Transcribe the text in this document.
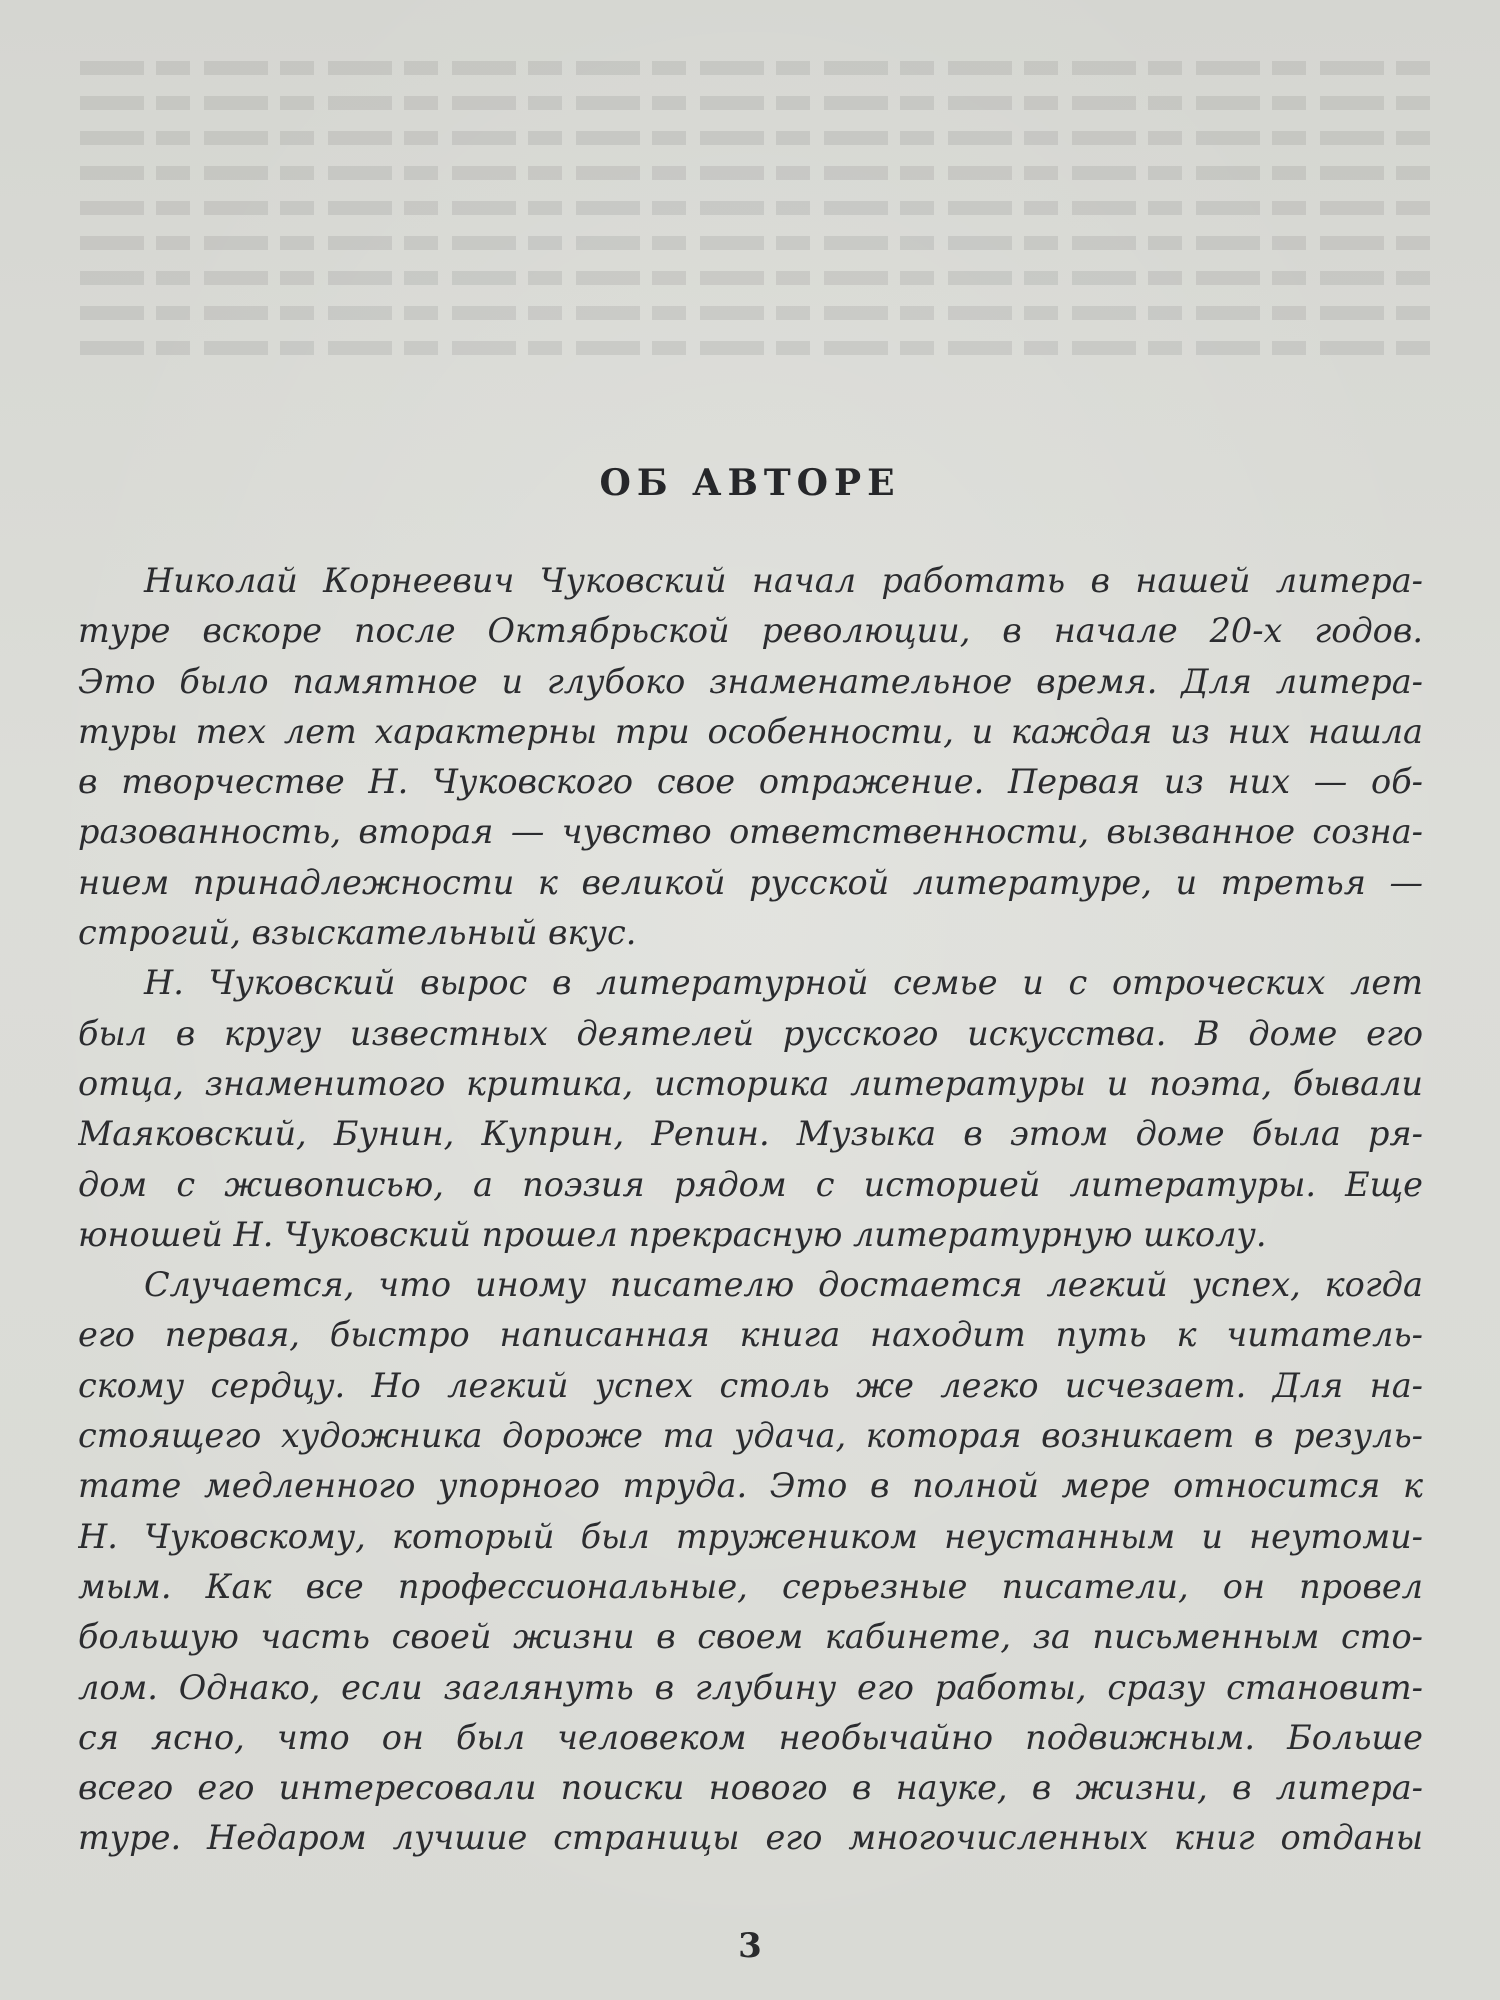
ОБ АВТОРЕ
Николай Корнеевич Чуковский начал работать в нашей литера-
туре вскоре после Октябрьской революции, в начале 20-х годов.
Это было памятное и глубоко знаменательное время. Для литера-
туры тех лет характерны три особенности, и каждая из них нашла
в творчестве Н. Чуковского свое отражение. Первая из них — об-
разованность, вторая — чувство ответственности, вызванное созна-
нием принадлежности к великой русской литературе, и третья —
строгий, взыскательный вкус.
Н. Чуковский вырос в литературной семье и с отроческих лет
был в кругу известных деятелей русского искусства. В доме его
отца, знаменитого критика, историка литературы и поэта, бывали
Маяковский, Бунин, Куприн, Репин. Музыка в этом доме была ря-
дом с живописью, а поэзия рядом с историей литературы. Еще
юношей Н. Чуковский прошел прекрасную литературную школу.
Случается, что иному писателю достается легкий успех, когда
его первая, быстро написанная книга находит путь к читатель-
скому сердцу. Но легкий успех столь же легко исчезает. Для на-
стоящего художника дороже та удача, которая возникает в резуль-
тате медленного упорного труда. Это в полной мере относится к
Н. Чуковскому, который был тружеником неустанным и неутоми-
мым. Как все профессиональные, серьезные писатели, он провел
большую часть своей жизни в своем кабинете, за письменным сто-
лом. Однако, если заглянуть в глубину его работы, сразу становит-
ся ясно, что он был человеком необычайно подвижным. Больше
всего его интересовали поиски нового в науке, в жизни, в литера-
туре. Недаром лучшие страницы его многочисленных книг отданы
3
